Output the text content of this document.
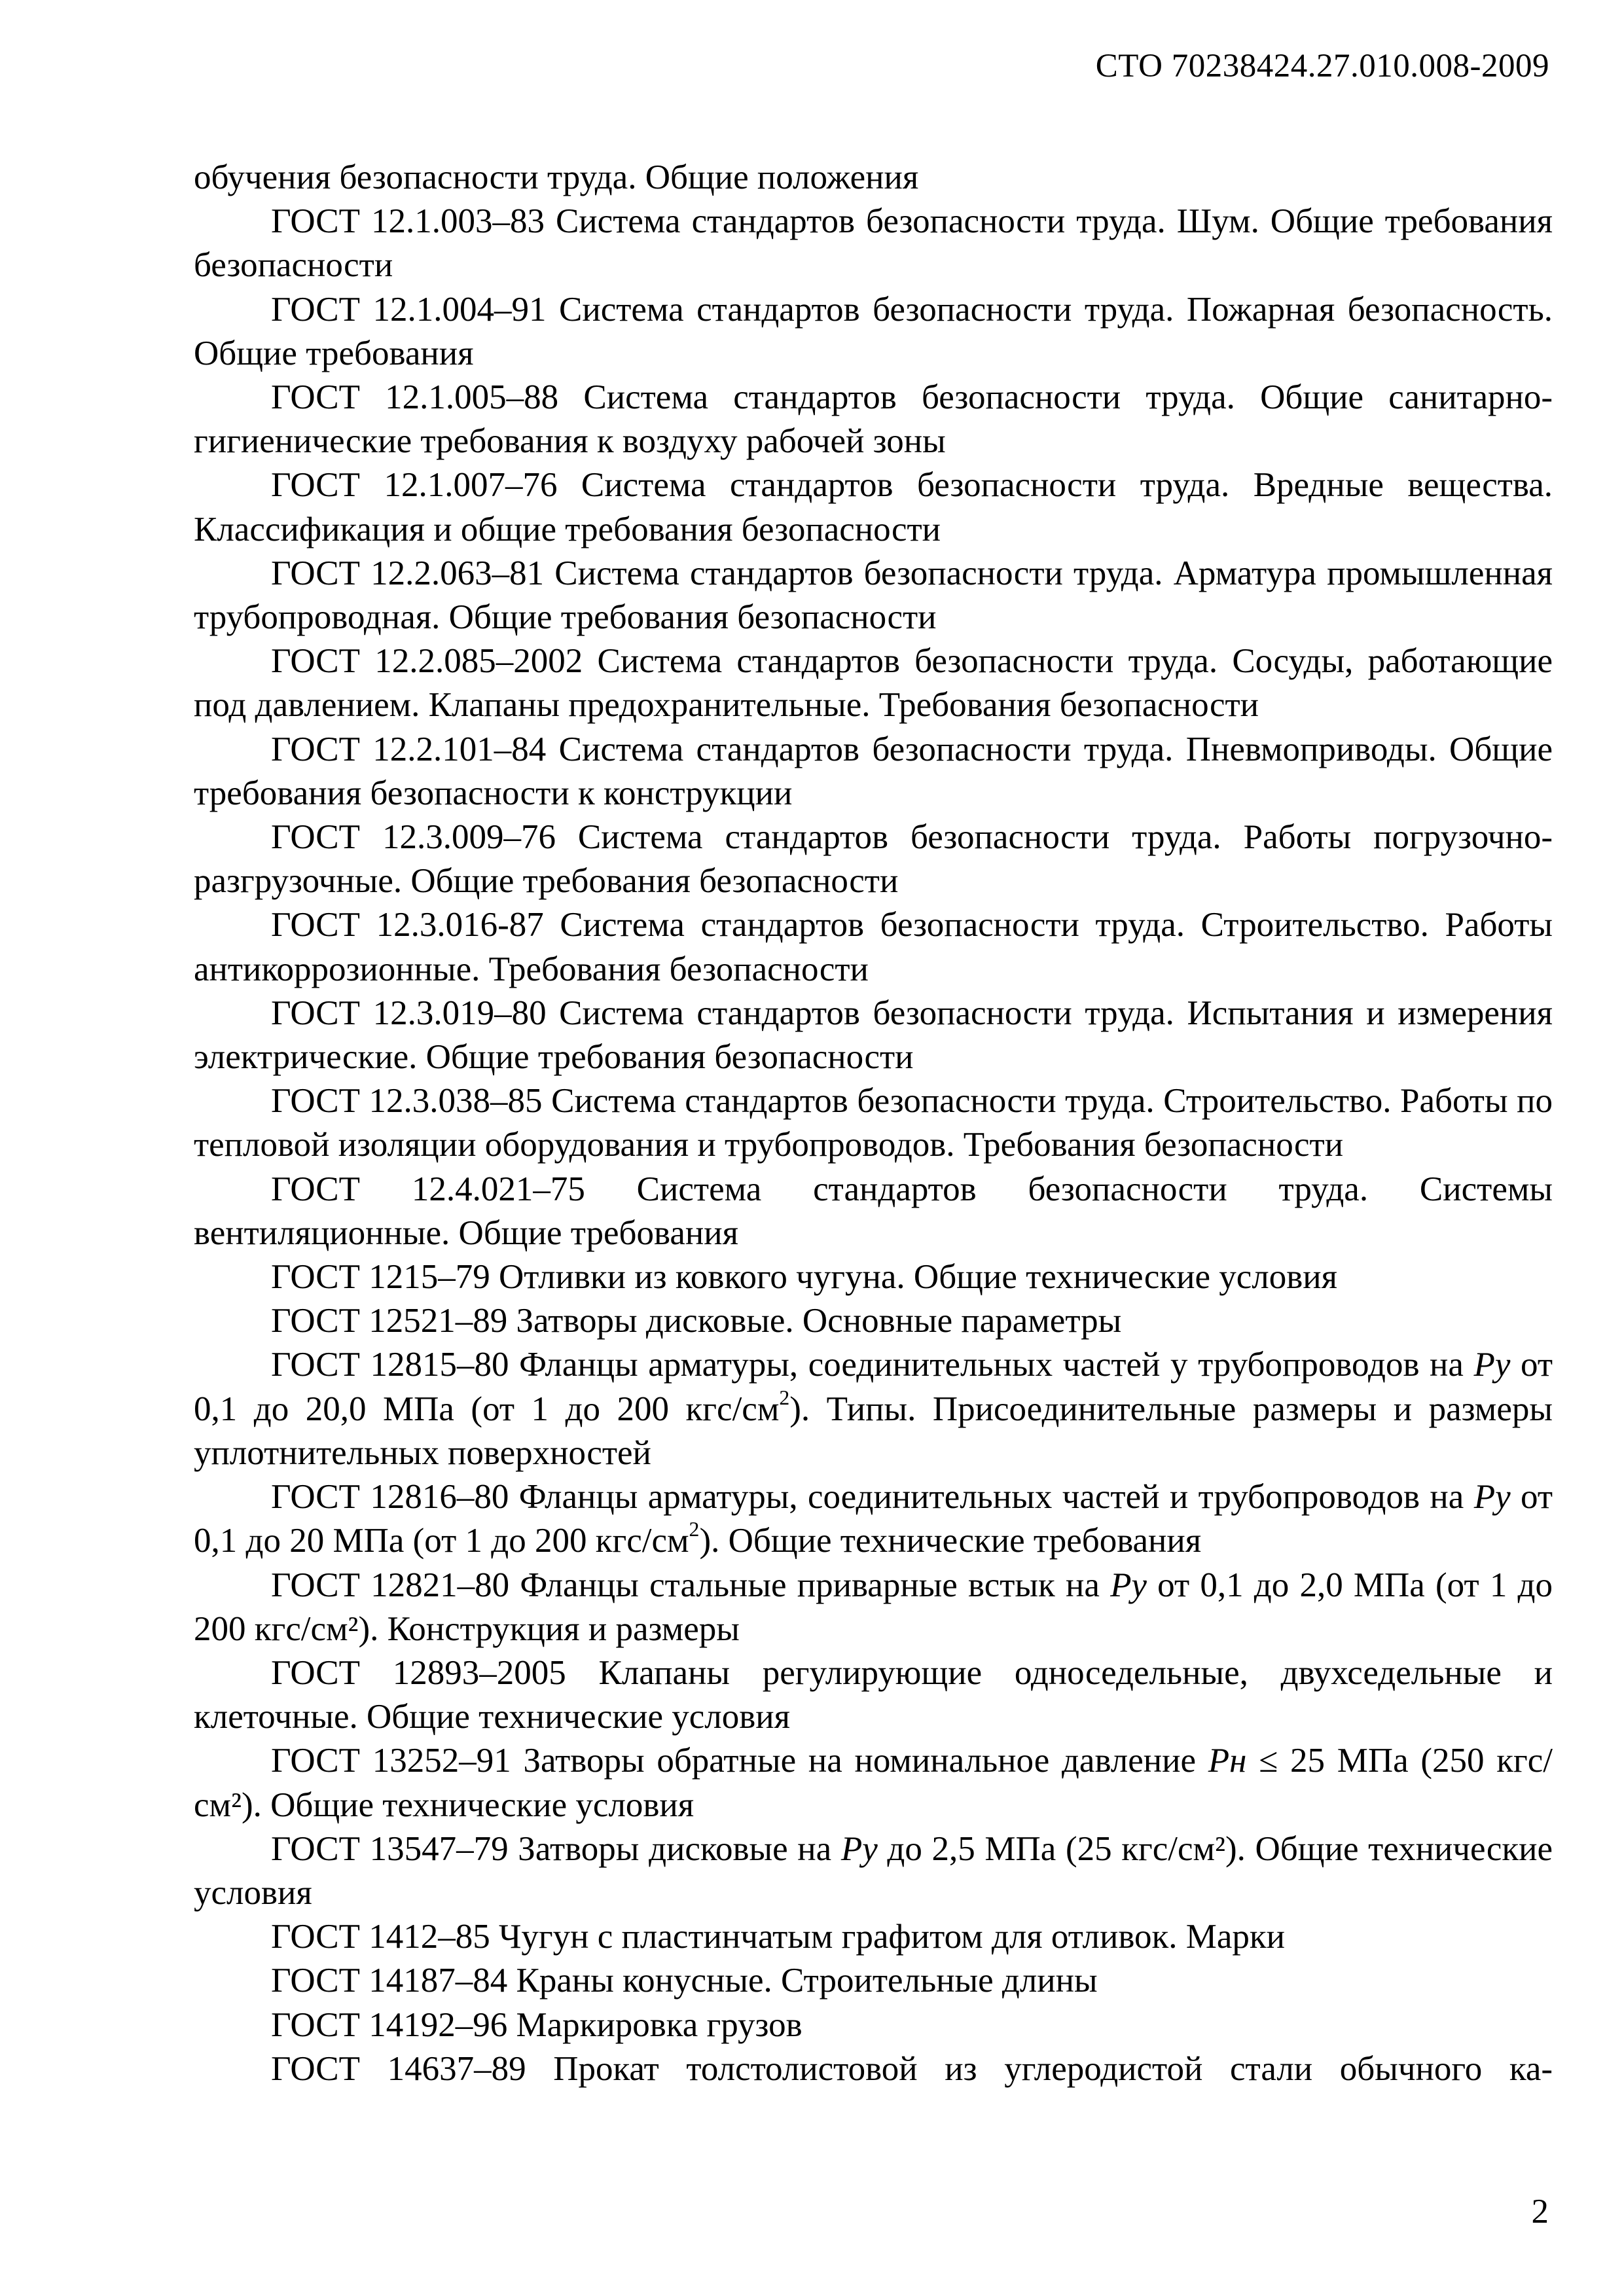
СТО 70238424.27.010.008-2009

обучения безопасности труда. Общие положения

ГОСТ 12.1.003–83 Система стандартов безопасности труда. Шум. Общие требования безопасности

ГОСТ 12.1.004–91 Система стандартов безопасности труда. Пожарная безопасность. Общие требования

ГОСТ 12.1.005–88 Система стандартов безопасности труда. Общие санитарно-гигиенические требования к воздуху рабочей зоны

ГОСТ 12.1.007–76 Система стандартов безопасности труда. Вредные вещества. Классификация и общие требования безопасности

ГОСТ 12.2.063–81 Система стандартов безопасности труда. Арматура промышленная трубопроводная. Общие требования безопасности

ГОСТ 12.2.085–2002 Система стандартов безопасности труда. Сосуды, работающие под давлением. Клапаны предохранительные. Требования безопасности

ГОСТ 12.2.101–84 Система стандартов безопасности труда. Пневмоприводы. Общие требования безопасности к конструкции

ГОСТ 12.3.009–76 Система стандартов безопасности труда. Работы погрузочно-разгрузочные. Общие требования безопасности

ГОСТ 12.3.016-87 Система стандартов безопасности труда. Строительство. Работы антикоррозионные. Требования безопасности

ГОСТ 12.3.019–80 Система стандартов безопасности труда. Испытания и измерения электрические. Общие требования безопасности

ГОСТ 12.3.038–85 Система стандартов безопасности труда. Строительство. Работы по тепловой изоляции оборудования и трубопроводов. Требования безопасности

ГОСТ 12.4.021–75 Система стандартов безопасности труда. Системы вентиляционные. Общие требования

ГОСТ 1215–79 Отливки из ковкого чугуна. Общие технические условия

ГОСТ 12521–89 Затворы дисковые. Основные параметры

ГОСТ 12815–80 Фланцы арматуры, соединительных частей у трубопроводов на Ру от 0,1 до 20,0 МПа (от 1 до 200 кгс/$см^2$). Типы. Присоединительные размеры и размеры уплотнительных поверхностей

ГОСТ 12816–80 Фланцы арматуры, соединительных частей и трубопроводов на Ру от 0,1 до 20 МПа (от 1 до 200 кгс/$см^2$). Общие технические требования

ГОСТ 12821–80 Фланцы стальные приварные встык на Ру от 0,1 до 2,0 МПа (от 1 до 200 кгс/см²). Конструкция и размеры

ГОСТ 12893–2005 Клапаны регулирующие односедельные, двухседельные и клеточные. Общие технические условия

ГОСТ 13252–91 Затворы обратные на номинальное давление Рн ≤ 25 МПа (250 кгс/см²). Общие технические условия

ГОСТ 13547–79 Затворы дисковые на Ру до 2,5 МПа (25 кгс/см²). Общие технические условия

ГОСТ 1412–85 Чугун с пластинчатым графитом для отливок. Марки

ГОСТ 14187–84 Краны конусные. Строительные длины

ГОСТ 14192–96 Маркировка грузов

ГОСТ 14637–89 Прокат толстолистовой из углеродистой стали обычного ка-

2
